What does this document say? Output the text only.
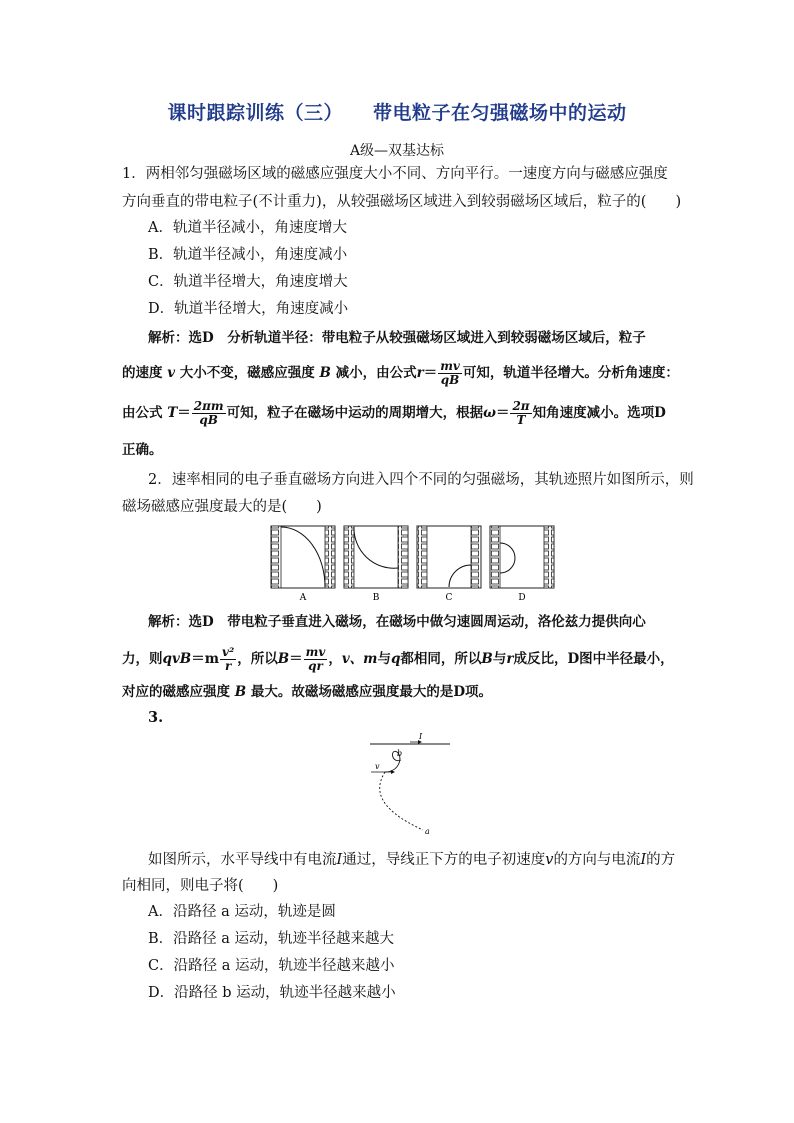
课时跟踪训练（三） 带电粒子在匀强磁场中的运动
A级—双基达标
1．两相邻匀强磁场区域的磁感应强度大小不同、方向平行。一速度方向与磁感应强度
方向垂直的带电粒子(不计重力)，从较强磁场区域进入到较弱磁场区域后，粒子的(　　)
A．轨道半径减小，角速度增大
B．轨道半径减小，角速度减小
C．轨道半径增大，角速度增大
D．轨道半径增大，角速度减小
解析：选D　分析轨道半径：带电粒子从较强磁场区域进入到较弱磁场区域后，粒子
的速度 v 大小不变，磁感应强度 B 减小，由公式$r= \frac{mv}{qB}$ 可知，轨道半径增大。分析角速度：
由公式 $T= \frac{2\pi m}{qB}$ 可知，粒子在磁场中运动的周期增大，根据$\omega= \frac{2\pi}{T}$ 知角速度减小。选项D
正确。
2．速率相同的电子垂直磁场方向进入四个不同的匀强磁场，其轨迹照片如图所示，则
磁场磁感应强度最大的是(　　)
A	B	C	D
解析：选D　带电粒子垂直进入磁场，在磁场中做匀速圆周运动，洛伦兹力提供向心
力，则$qvB=m \frac{\text{v²}}{r}$ ，所以$B= \frac{mv}{qr}$ ，v、m与q都相同，所以B与r成反比，D图中半径最小，
对应的磁感应强度 B 最大。故磁场磁感应强度最大的是D项。
3.
I
v
b
a
如图所示，水平导线中有电流I通过，导线正下方的电子初速度v的方向与电流I的方
向相同，则电子将(　　)
A．沿路径 a 运动，轨迹是圆
B．沿路径 a 运动，轨迹半径越来越大
C．沿路径 a 运动，轨迹半径越来越小
D．沿路径 b 运动，轨迹半径越来越小
